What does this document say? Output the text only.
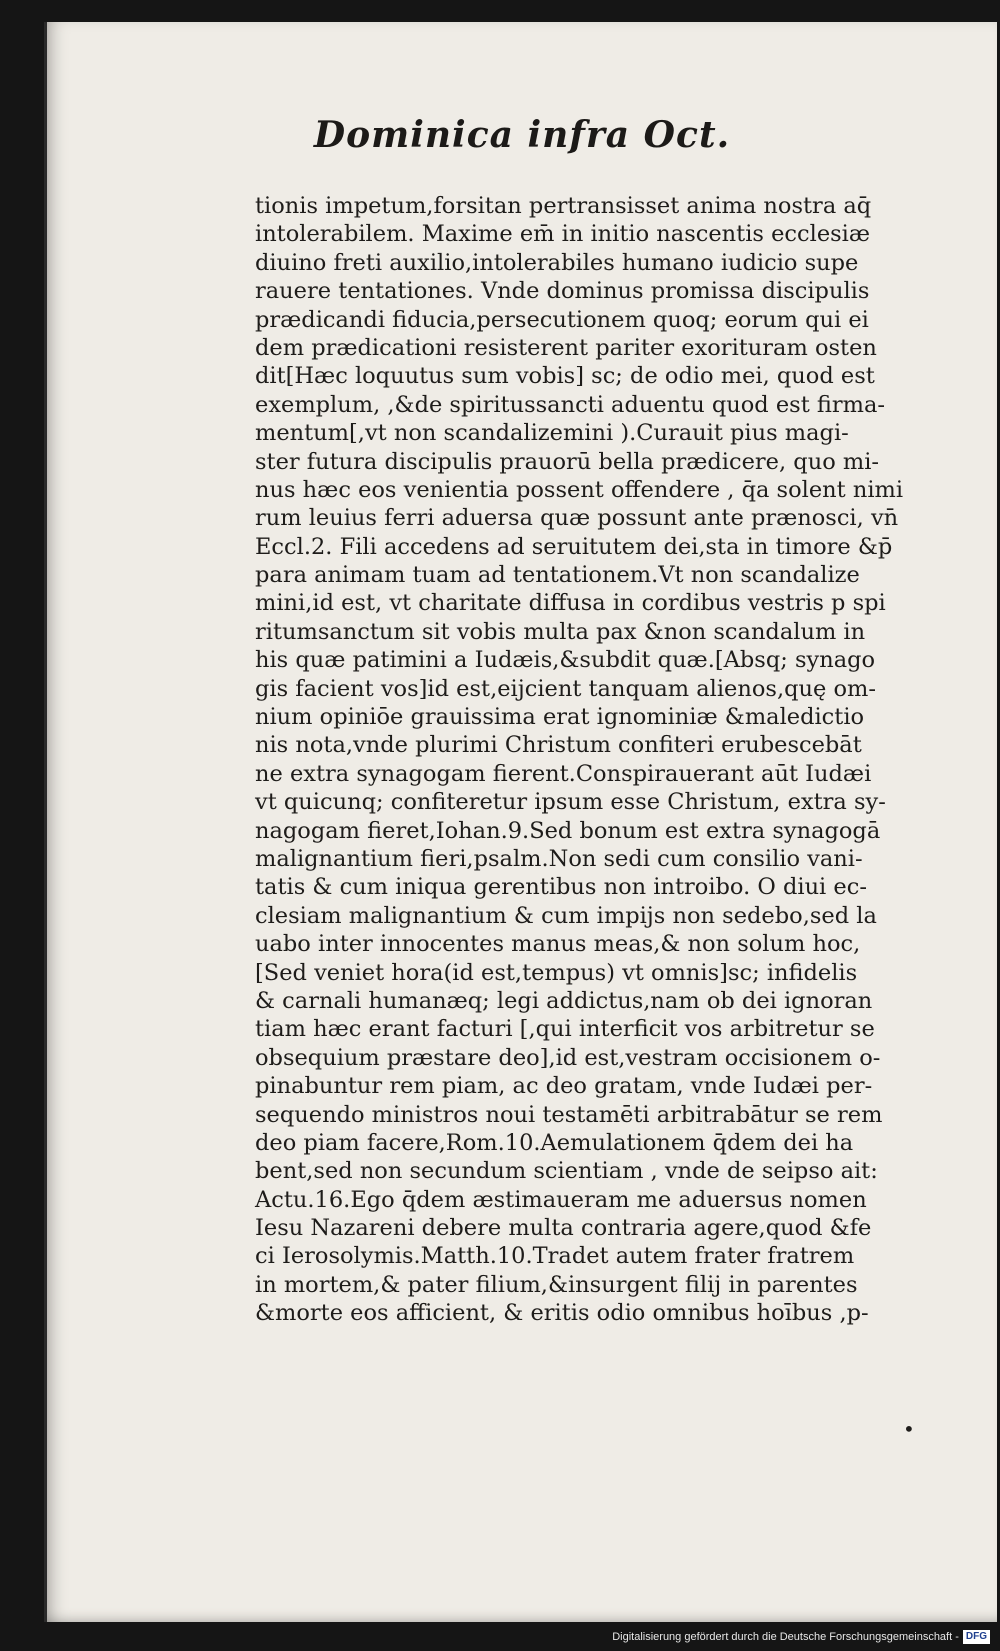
Dominica infra Oct.
tionis impetum,forsitan pertransisset anima nostra aq̄
intolerabilem. Maxime em̄ in initio nascentis ecclesiæ
diuino freti auxilio,intolerabiles humano iudicio supe
rauere tentationes. Vnde dominus promissa discipulis
prædicandi fiducia,persecutionem quoq; eorum qui ei
dem prædicationi resisterent pariter exorituram osten
dit[Hæc loquutus sum vobis] sc; de odio mei, quod est
exemplum, ,&de spiritussancti aduentu quod est firma-
mentum[,vt non scandalizemini ).Curauit pius magi-
ster futura discipulis prauorū bella prædicere, quo mi-
nus hæc eos venientia possent offendere , q̄a solent nimi
rum leuius ferri aduersa quæ possunt ante prænosci, vn̄
Eccl.2. Fili accedens ad seruitutem dei,sta in timore &p̄
para animam tuam ad tentationem.Vt non scandalize
mini,id est, vt charitate diffusa in cordibus vestris p spi
ritumsanctum sit vobis multa pax &non scandalum in
his quæ patimini a Iudæis,&subdit quæ.[Absq; synago
gis facient vos]id est,eijcient tanquam alienos,quę om-
nium opiniōe grauissima erat ignominiæ &maledictio
nis nota,vnde plurimi Christum confiteri erubescebāt
ne extra synagogam fierent.Conspirauerant aūt Iudæi
vt quicunq; confiteretur ipsum esse Christum, extra sy-
nagogam fieret,Iohan.9.Sed bonum est extra synagogā
malignantium fieri,psalm.Non sedi cum consilio vani-
tatis & cum iniqua gerentibus non introibo. O diui ec-
clesiam malignantium & cum impijs non sedebo,sed la
uabo inter innocentes manus meas,& non solum hoc,
[Sed veniet hora(id est,tempus) vt omnis]sc; infidelis
& carnali humanæq; legi addictus,nam ob dei ignoran
tiam hæc erant facturi [,qui interficit vos arbitretur se
obsequium præstare deo],id est,vestram occisionem o-
pinabuntur rem piam, ac deo gratam, vnde Iudæi per-
sequendo ministros noui testamēti arbitrabātur se rem
deo piam facere,Rom.10.Aemulationem q̄dem dei ha
bent,sed non secundum scientiam , vnde de seipso ait:
Actu.16.Ego q̄dem æstimaueram me aduersus nomen
Iesu Nazareni debere multa contraria agere,quod &fe
ci Ierosolymis.Matth.10.Tradet autem frater fratrem
in mortem,& pater filium,&insurgent filij in parentes
&morte eos afficient, & eritis odio omnibus hoībus ,p-
•
Digitalisierung gefördert durch die Deutsche Forschungsgemeinschaft - DFG
